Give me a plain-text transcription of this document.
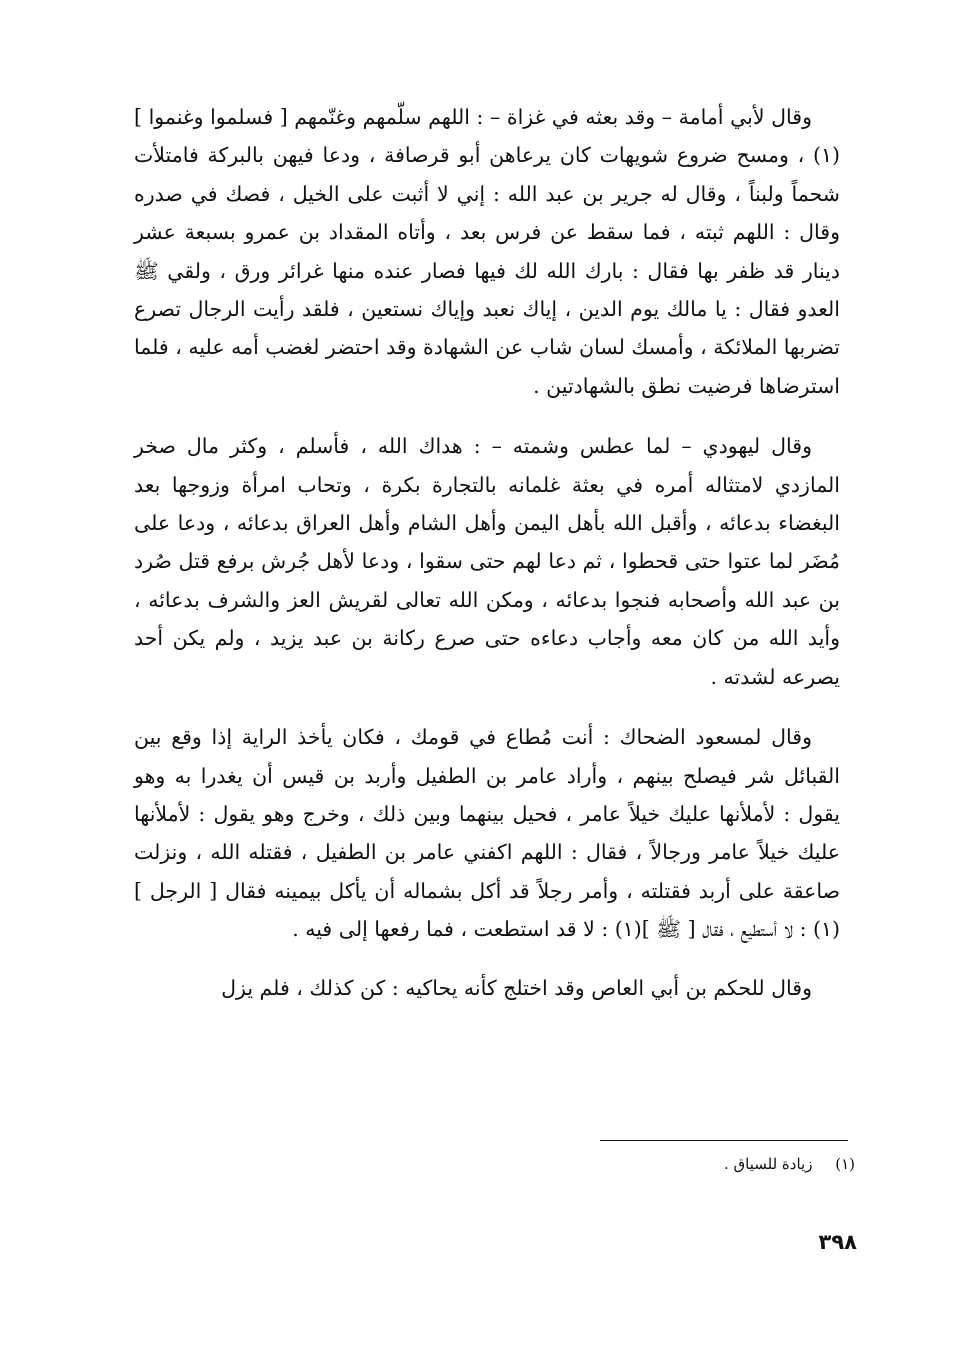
وقال لأبي أمامة – وقد بعثه في غزاة – : اللهم سلّمهم وغنّمهم [ فسلموا وغنموا ](١) ، ومسح ضروع شويهات كان يرعاهن أبو قرصافة ، ودعا فيهن بالبركة فامتلأت شحماً ولبناً ، وقال له جرير بن عبد الله : إني لا أثبت على الخيل ، فصك في صدره وقال : اللهم ثبته ، فما سقط عن فرس بعد ، وأتاه المقداد بن عمرو بسبعة عشر دينار قد ظفر بها فقال : بارك الله لك فيها فصار عنده منها غرائر ورق ، ولقي ﷺ العدو فقال : يا مالك يوم الدين ، إياك نعبد وإياك نستعين ، فلقد رأيت الرجال تصرع تضربها الملائكة ، وأمسك لسان شاب عن الشهادة وقد احتضر لغضب أمه عليه ، فلما استرضاها فرضيت نطق بالشهادتين .

وقال ليهودي – لما عطس وشمته – : هداك الله ، فأسلم ، وكثر مال صخر المازدي لامتثاله أمره في بعثة غلمانه بالتجارة بكرة ، وتحاب امرأة وزوجها بعد البغضاء بدعائه ، وأقبل الله بأهل اليمن وأهل الشام وأهل العراق بدعائه ، ودعا على مُضَر لما عتوا حتى قحطوا ، ثم دعا لهم حتى سقوا ، ودعا لأهل جُرش برفع قتل صُرد بن عبد الله وأصحابه فنجوا بدعائه ، ومكن الله تعالى لقريش العز والشرف بدعائه ، وأيد الله من كان معه وأجاب دعاءه حتى صرع ركانة بن عبد يزيد ، ولم يكن أحد يصرعه لشدته .

وقال لمسعود الضحاك : أنت مُطاع في قومك ، فكان يأخذ الراية إذا وقع بين القبائل شر فيصلح بينهم ، وأراد عامر بن الطفيل وأربد بن قيس أن يغدرا به وهو يقول : لأملأنها عليك خيلاً عامر ، فحيل بينهما وبين ذلك ، وخرج وهو يقول : لأملأنها عليك خيلاً عامر ورجالاً ، فقال : اللهم اكفني عامر بن الطفيل ، فقتله الله ، ونزلت صاعقة على أربد فقتلته ، وأمر رجلاً قد أكل بشماله أن يأكل بيمينه فقال [ الرجل ](١) : لا أستطيع ، فقال [ ﷺ ](١) : لا قد استطعت ، فما رفعها إلى فيه .

وقال للحكم بن أبي العاص وقد اختلج كأنه يحاكيه : كن كذلك ، فلم يزل

(١) زيادة للسياق .
٣٩٨
